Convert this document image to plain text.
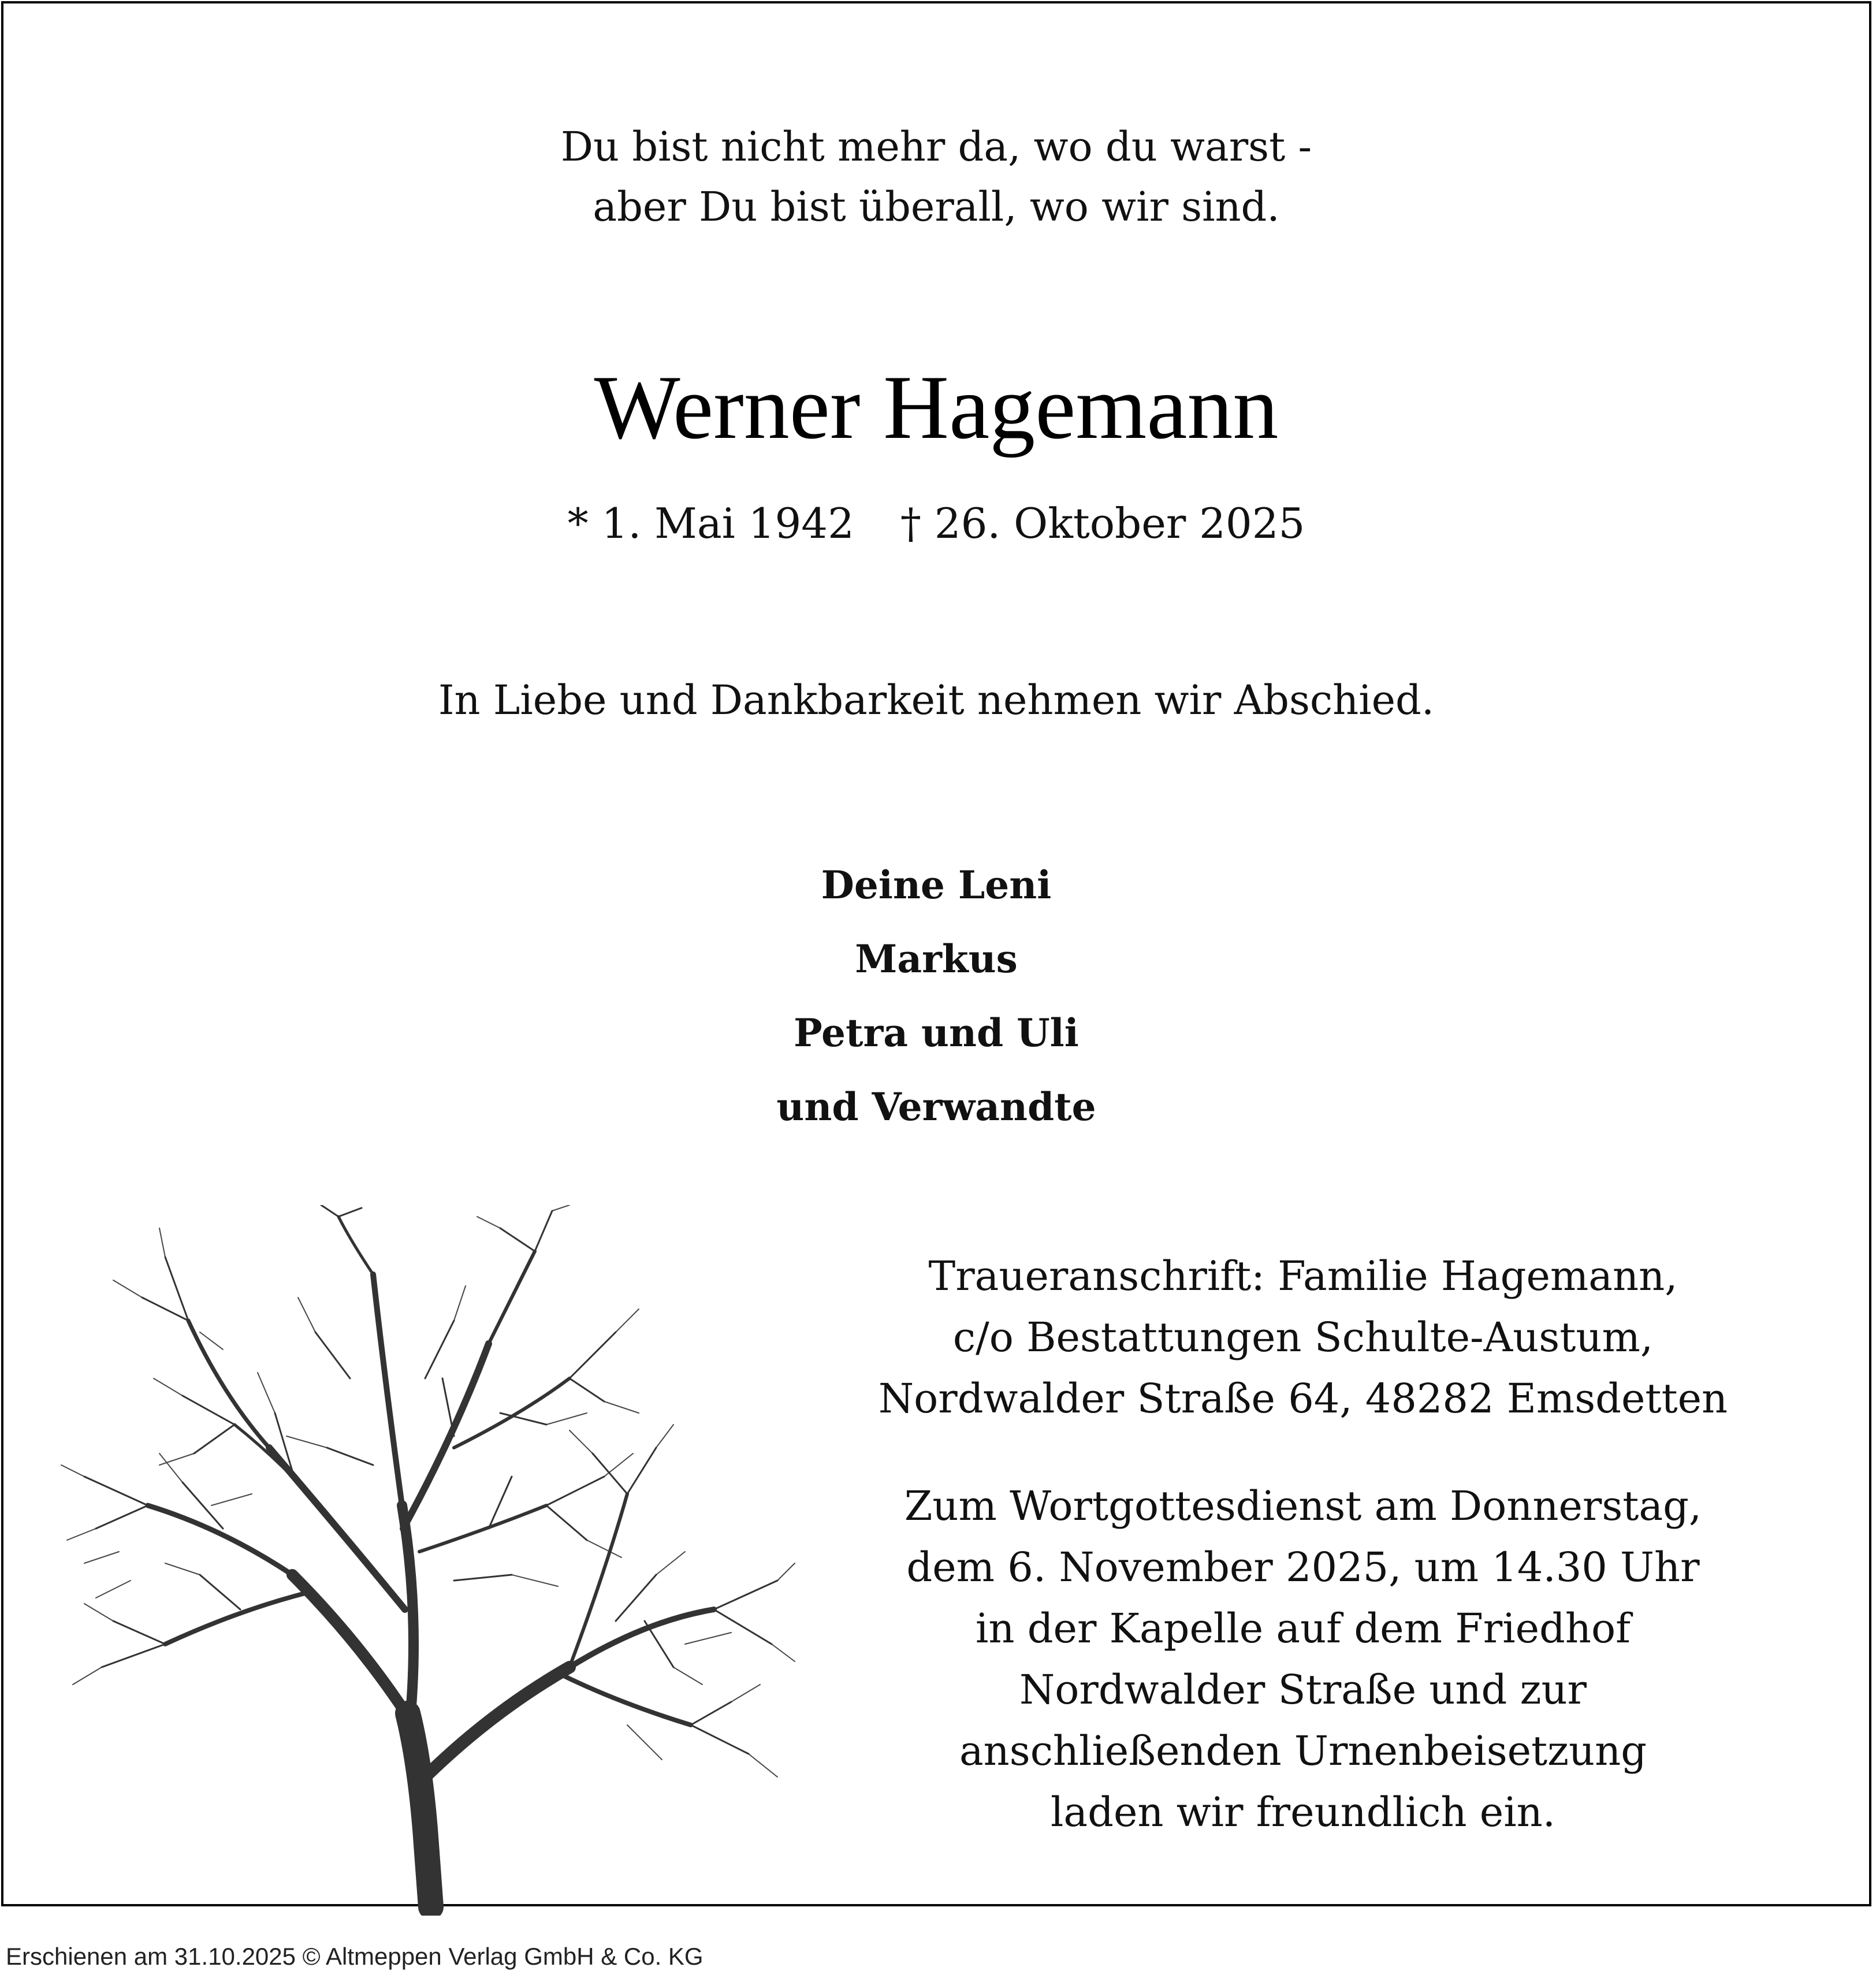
Du bist nicht mehr da, wo du warst -
aber Du bist überall, wo wir sind.
Werner Hagemann
* 1. Mai 1942 † 26. Oktober 2025
In Liebe und Dankbarkeit nehmen wir Abschied.
Deine Leni
Markus
Petra und Uli
und Verwandte
Traueranschrift: Familie Hagemann,
c/o Bestattungen Schulte-Austum,
Nordwalder Straße 64, 48282 Emsdetten
Zum Wortgottesdienst am Donnerstag,
dem 6. November 2025, um 14.30 Uhr
in der Kapelle auf dem Friedhof
Nordwalder Straße und zur
anschließenden Urnenbeisetzung
laden wir freundlich ein.
Erschienen am 31.10.2025 © Altmeppen Verlag GmbH & Co. KG
